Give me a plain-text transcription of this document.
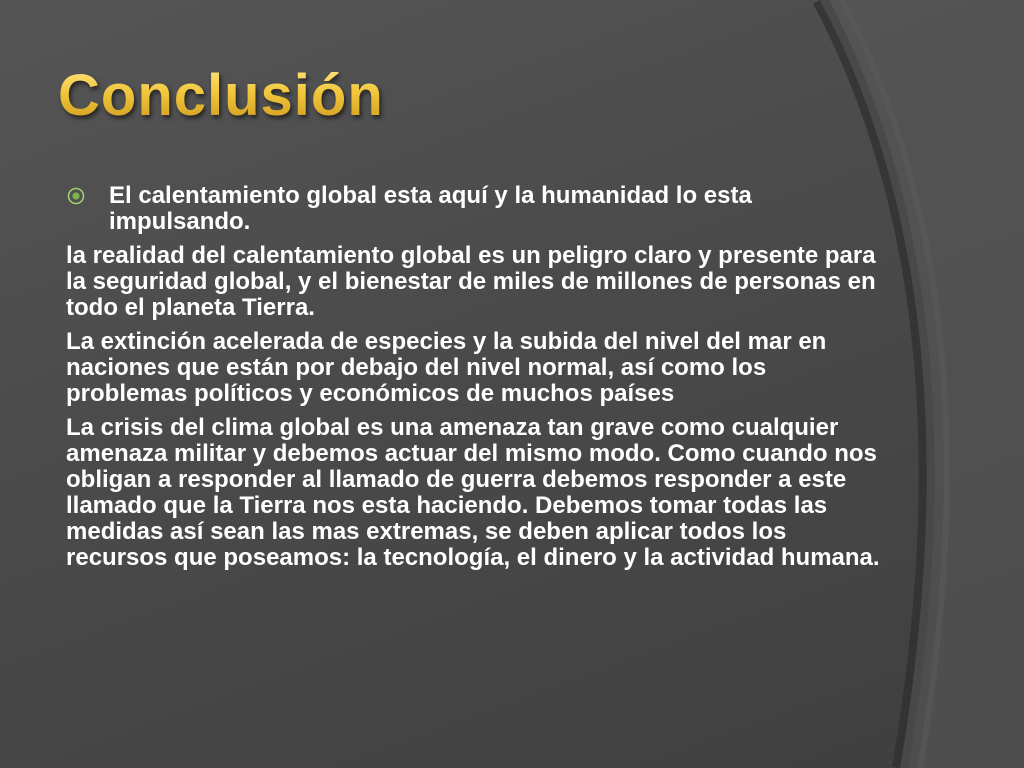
Conclusión
El calentamiento global esta aquí y la humanidad lo esta impulsando.
la realidad del calentamiento global es un peligro claro y presente para la seguridad global, y el bienestar de miles de millones de personas en todo el planeta Tierra.
La extinción acelerada de especies y la subida del nivel del mar en naciones que están por debajo del nivel normal, así como los problemas políticos y económicos de muchos países
La crisis del clima global es una amenaza tan grave como cualquier amenaza militar y debemos actuar del mismo modo. Como cuando nos obligan a responder al llamado de guerra debemos responder a este llamado que la Tierra nos esta haciendo. Debemos tomar todas las medidas así sean las mas extremas, se deben aplicar todos los recursos que poseamos: la tecnología, el dinero y la actividad humana.
